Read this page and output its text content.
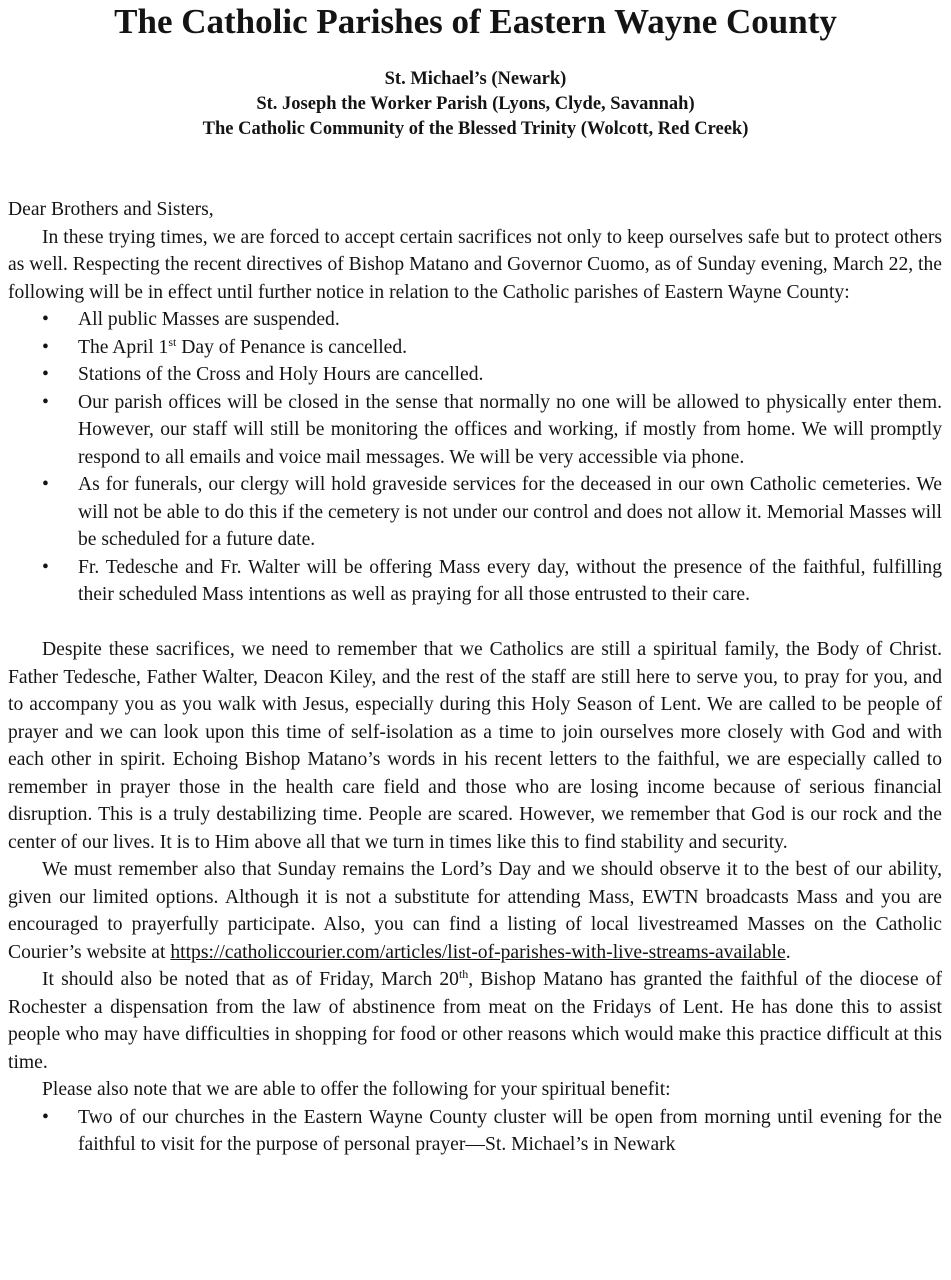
The Catholic Parishes of Eastern Wayne County
St. Michael’s (Newark)
St. Joseph the Worker Parish (Lyons, Clyde, Savannah)
The Catholic Community of the Blessed Trinity (Wolcott, Red Creek)

Dear Brothers and Sisters,

In these trying times, we are forced to accept certain sacrifices not only to keep ourselves safe but to protect others as well. Respecting the recent directives of Bishop Matano and Governor Cuomo, as of Sunday evening, March 22, the following will be in effect until further notice in relation to the Catholic parishes of Eastern Wayne County:

• All public Masses are suspended.
• The April 1st Day of Penance is cancelled.
• Stations of the Cross and Holy Hours are cancelled.
• Our parish offices will be closed in the sense that normally no one will be allowed to physically enter them. However, our staff will still be monitoring the offices and working, if mostly from home. We will promptly respond to all emails and voice mail messages. We will be very accessible via phone.
• As for funerals, our clergy will hold graveside services for the deceased in our own Catholic cemeteries. We will not be able to do this if the cemetery is not under our control and does not allow it. Memorial Masses will be scheduled for a future date.
• Fr. Tedesche and Fr. Walter will be offering Mass every day, without the presence of the faithful, fulfilling their scheduled Mass intentions as well as praying for all those entrusted to their care.

Despite these sacrifices, we need to remember that we Catholics are still a spiritual family, the Body of Christ. Father Tedesche, Father Walter, Deacon Kiley, and the rest of the staff are still here to serve you, to pray for you, and to accompany you as you walk with Jesus, especially during this Holy Season of Lent. We are called to be people of prayer and we can look upon this time of self-isolation as a time to join ourselves more closely with God and with each other in spirit. Echoing Bishop Matano’s words in his recent letters to the faithful, we are especially called to remember in prayer those in the health care field and those who are losing income because of serious financial disruption. This is a truly destabilizing time. People are scared. However, we remember that God is our rock and the center of our lives. It is to Him above all that we turn in times like this to find stability and security.

We must remember also that Sunday remains the Lord’s Day and we should observe it to the best of our ability, given our limited options. Although it is not a substitute for attending Mass, EWTN broadcasts Mass and you are encouraged to prayerfully participate. Also, you can find a listing of local livestreamed Masses on the Catholic Courier’s website at https://catholiccourier.com/articles/list-of-parishes-with-live-streams-available.

It should also be noted that as of Friday, March 20th, Bishop Matano has granted the faithful of the diocese of Rochester a dispensation from the law of abstinence from meat on the Fridays of Lent. He has done this to assist people who may have difficulties in shopping for food or other reasons which would make this practice difficult at this time.

Please also note that we are able to offer the following for your spiritual benefit:

• Two of our churches in the Eastern Wayne County cluster will be open from morning until evening for the faithful to visit for the purpose of personal prayer—St. Michael’s in Newark
